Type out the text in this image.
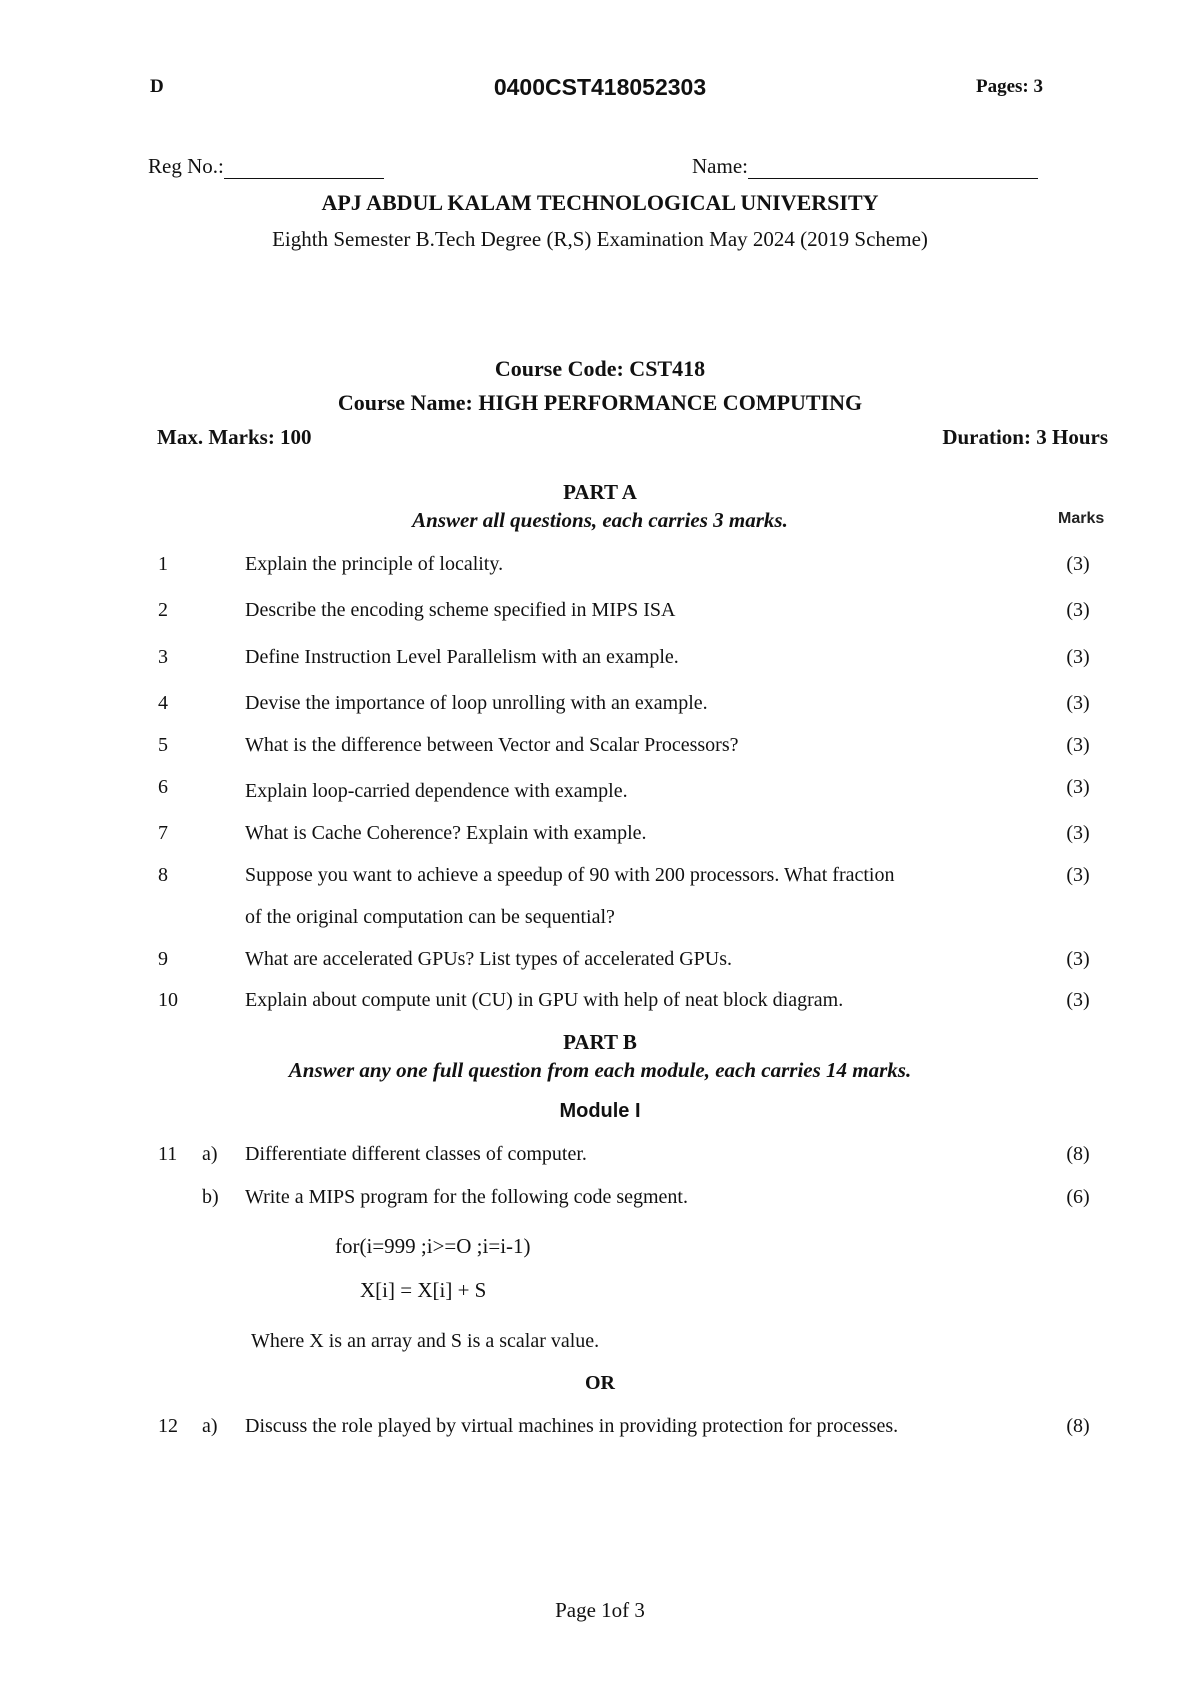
D	0400CST418052303	Pages: 3
Reg No.:	Name:
APJ ABDUL KALAM TECHNOLOGICAL UNIVERSITY
Eighth Semester B.Tech Degree (R,S) Examination May 2024 (2019 Scheme)
Course Code: CST418
Course Name: HIGH PERFORMANCE COMPUTING
Max. Marks: 100	Duration: 3 Hours
PART A
Answer all questions, each carries 3 marks.	Marks
1	Explain the principle of locality.	(3)
2	Describe the encoding scheme specified in MIPS ISA	(3)
3	Define Instruction Level Parallelism with an example.	(3)
4	Devise the importance of loop unrolling with an example.	(3)
5	What is the difference between Vector and Scalar Processors?	(3)
6	Explain loop-carried dependence with example.	(3)
7	What is Cache Coherence? Explain with example.	(3)
8	Suppose you want to achieve a speedup of 90 with 200 processors. What fraction
of the original computation can be sequential?
(3)
9	What are accelerated GPUs? List types of accelerated GPUs.	(3)
10	Explain about compute unit (CU) in GPU with help of neat block diagram.	(3)
PART B
Answer any one full question from each module, each carries 14 marks.
Module I
11 a) Differentiate different classes of computer.	(8)
b) Write a MIPS program for the following code segment.	(6)
for(i=999 ;i>=O ;i=i-1)
X[i] = X[i] + S
Where X is an array and S is a scalar value.
OR
12 a) Discuss the role played by virtual machines in providing protection for processes.	(8)
Page 1of 3
